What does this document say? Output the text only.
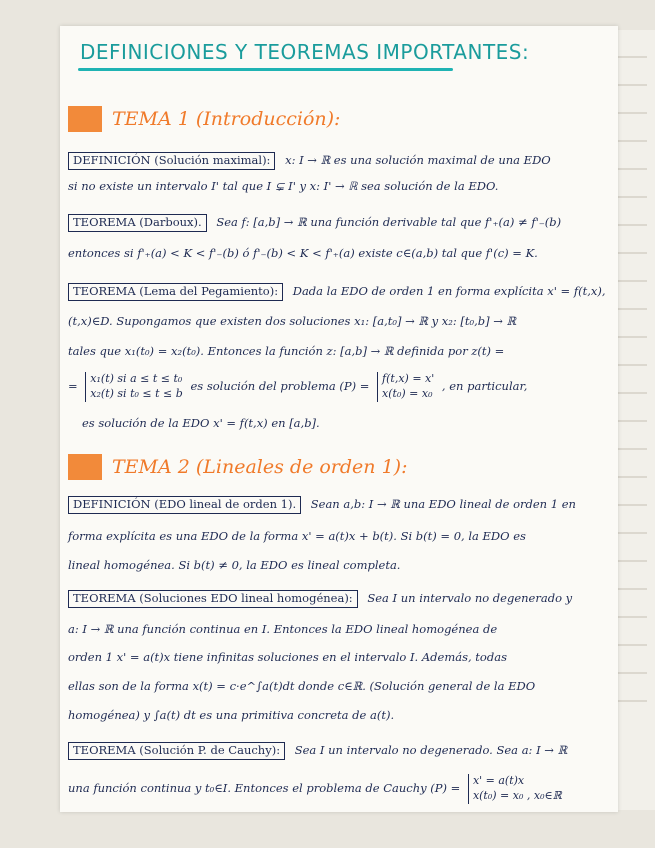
DEFINICIONES Y TEOREMAS IMPORTANTES:
TEMA 1 (Introducción):
DEFINICIÓN (Solución maximal): x: I → ℝ es una solución maximal de una EDO
si no existe un intervalo I' tal que I ⊊ I' y x: I' → ℝ sea solución de la EDO.
TEOREMA (Darboux). Sea f: [a,b] → ℝ una función derivable tal que f'₊(a) ≠ f'₋(b)
entonces si f'₊(a) < K < f'₋(b) ó f'₋(b) < K < f'₊(a) existe c∈(a,b) tal que f'(c) = K.
TEOREMA (Lema del Pegamiento): Dada la EDO de orden 1 en forma explícita x' = f(t,x),
(t,x)∈D. Supongamos que existen dos soluciones x₁: [a,t₀] → ℝ y x₂: [t₀,b] → ℝ
tales que x₁(t₀) = x₂(t₀). Entonces la función z: [a,b] → ℝ definida por z(t) =
= x₁(t) si a ≤ t ≤ t₀
x₂(t) si t₀ ≤ t ≤ b es solución del problema (P) = f(t,x) = x'
x(t₀) = x₀ , en particular,
es solución de la EDO x' = f(t,x) en [a,b].
TEMA 2 (Lineales de orden 1):
DEFINICIÓN (EDO lineal de orden 1). Sean a,b: I → ℝ una EDO lineal de orden 1 en
forma explícita es una EDO de la forma x' = a(t)x + b(t). Si b(t) = 0, la EDO es
lineal homogénea. Si b(t) ≠ 0, la EDO es lineal completa.
TEOREMA (Soluciones EDO lineal homogénea): Sea I un intervalo no degenerado y
a: I → ℝ una función continua en I. Entonces la EDO lineal homogénea de
orden 1 x' = a(t)x tiene infinitas soluciones en el intervalo I. Además, todas
ellas son de la forma x(t) = c·e^∫a(t)dt donde c∈ℝ. (Solución general de la EDO
homogénea) y ∫a(t) dt es una primitiva concreta de a(t).
TEOREMA (Solución P. de Cauchy): Sea I un intervalo no degenerado. Sea a: I → ℝ
una función continua y t₀∈I. Entonces el problema de Cauchy (P) = x' = a(t)x
x(t₀) = x₀ , x₀∈ℝ
